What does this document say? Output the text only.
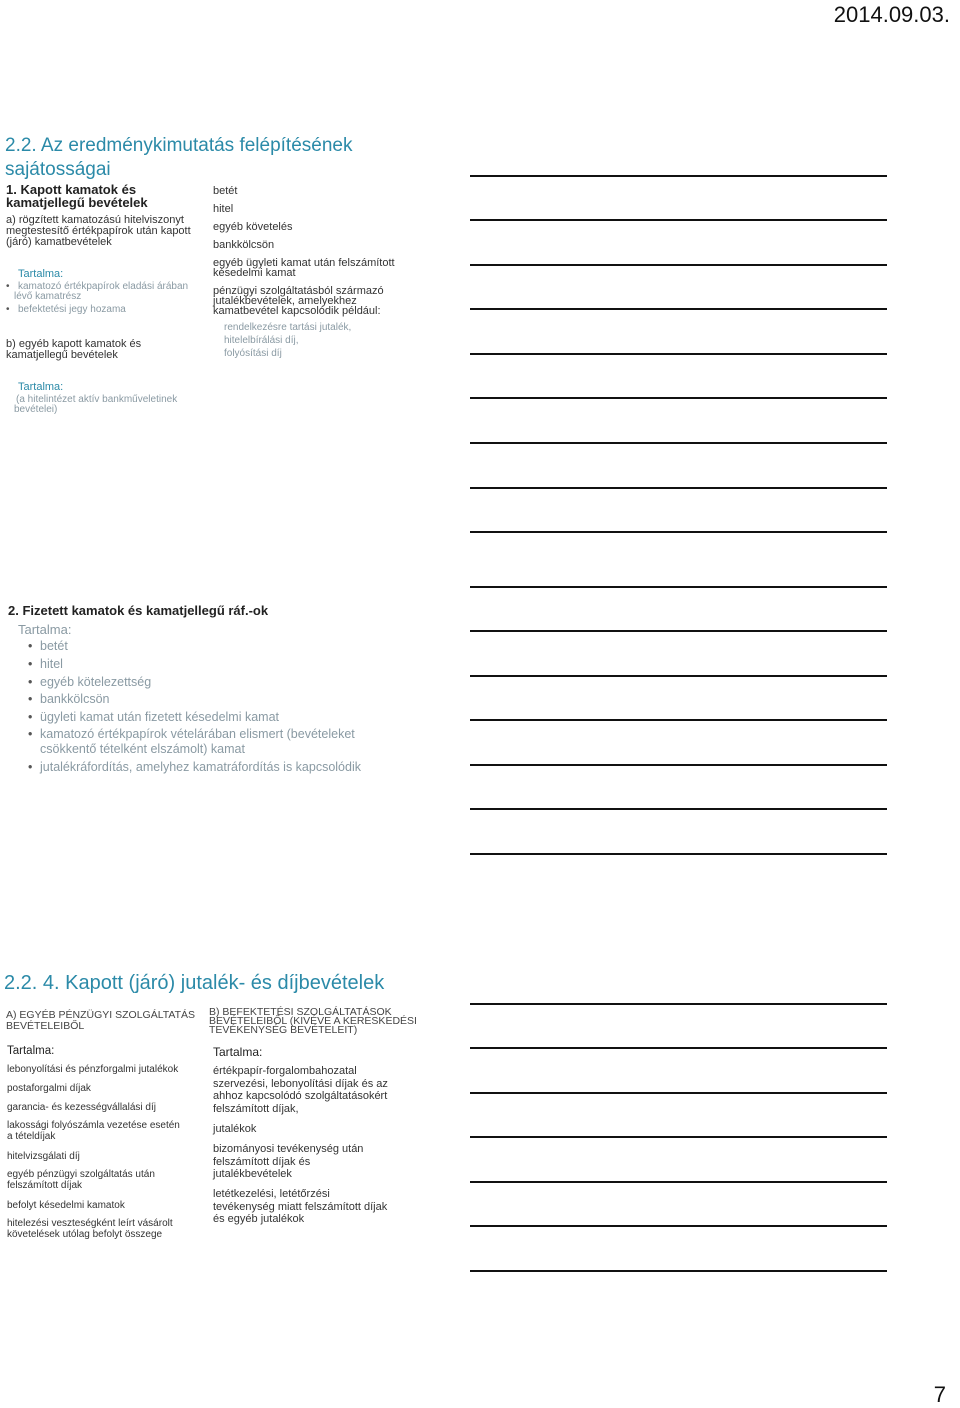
2014.09.03.
2.2. Az eredménykimutatás felépítésének
sajátosságai
1. Kapott kamatok és
kamatjellegű bevételek
a) rögzített kamatozású hitelviszonyt
megtestesítő értékpapírok után kapott
(járó) kamatbevételek
Tartalma:
kamatozó értékpapírok eladási árában
lévő kamatrész
befektetési jegy hozama
b) egyéb kapott kamatok és
kamatjellegű bevételek
Tartalma:
(a hitelintézet aktív bankműveletinek
bevételei)
betét
hitel
egyéb követelés
bankkölcsön
egyéb ügyleti kamat után felszámított
késedelmi kamat
pénzügyi szolgáltatásból származó
jutalékbevételek, amelyekhez
kamatbevétel kapcsolódik például:
rendelkezésre tartási jutalék,
hitelelbírálási díj,
folyósítási díj
2. Fizetett kamatok és kamatjellegű ráf.-ok
Tartalma:
betét
hitel
egyéb kötelezettség
bankkölcsön
ügyleti kamat után fizetett késedelmi kamat
kamatozó értékpapírok vételárában elismert (bevételeket
csökkentő tételként elszámolt) kamat
jutalékráfordítás, amelyhez kamatráfordítás is kapcsolódik
2.2. 4. Kapott (járó) jutalék- és díjbevételek
A) EGYÉB PÉNZÜGYI SZOLGÁLTATÁS
BEVÉTELEIBŐL
Tartalma:
lebonyolítási és pénzforgalmi jutalékok
postaforgalmi díjak
garancia- és kezességvállalási díj
lakossági folyószámla vezetése esetén
a tételdíjak
hitelvizsgálati díj
egyéb pénzügyi szolgáltatás után
felszámított díjak
befolyt késedelmi kamatok
hitelezési veszteségként leírt vásárolt
követelések utólag befolyt összege
B) BEFEKTETÉSI SZOLGÁLTATÁSOK
BEVÉTELEIBŐL (KIVÉVE A KERESKEDÉSI
TEVÉKENYSÉG BEVÉTELEIT)
Tartalma:
értékpapír-forgalombahozatal
szervezési, lebonyolítási díjak és az
ahhoz kapcsolódó szolgáltatásokért
felszámított díjak,
jutalékok
bizományosi tevékenység után
felszámított díjak és
jutalékbevételek
letétkezelési, letétőrzési
tevékenység miatt felszámított díjak
és egyéb jutalékok
7
